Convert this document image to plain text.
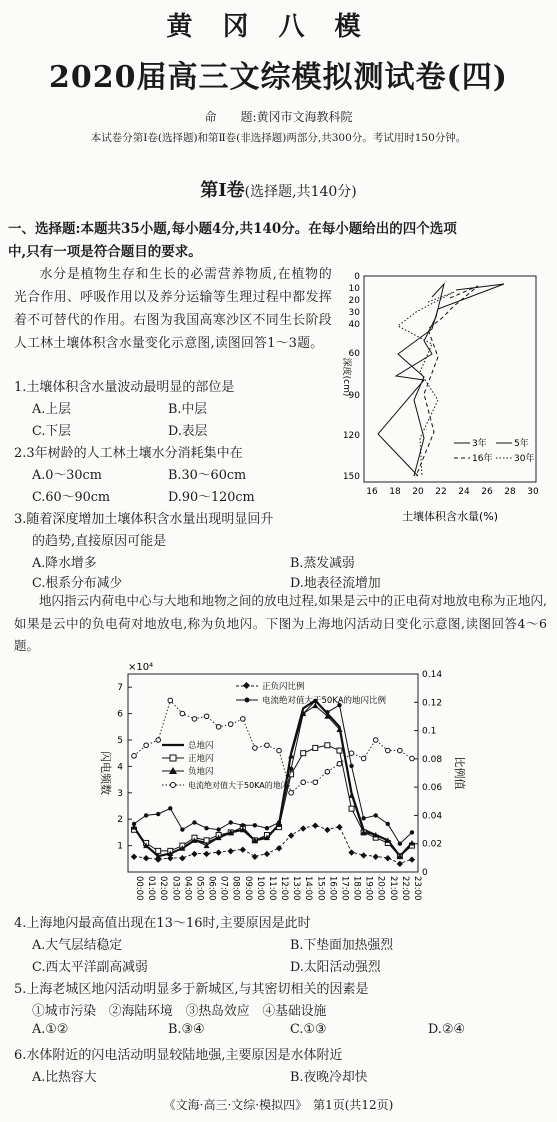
黄冈八模
2020届高三文综模拟测试卷(四)
命　　题:黄冈市文海教科院
本试卷分第Ⅰ卷(选择题)和第Ⅱ卷(非选择题)两部分,共300分。考试用时150分钟。
第Ⅰ卷(选择题,共140分)
一、选择题:本题共35小题,每小题4分,共140分。在每小题给出的四个选项
中,只有一项是符合题目的要求。
水分是植物生存和生长的必需营养物质,在植物的光合作用、呼吸作用以及养分运输等生理过程中都发挥着不可替代的作用。右图为我国高寒沙区不同生长阶段人工林土壤体积含水量变化示意图,读图回答1～3题。
1.土壤体积含水量波动最明显的部位是
A.上层	B.中层
C.下层	D.表层
2.3年树龄的人工林土壤水分消耗集中在
A.0～30cm	B.30～60cm
C.60～90cm	D.90～120cm
3.随着深度增加土壤体积含水量出现明显回升
的趋势,直接原因可能是
A.降水增多	B.蒸发减弱
C.根系分布减少	D.地表径流增加
16 18 20 22 24 26 28 30
0
10
20
30
40
60
90
120
150
深度(cm)
土壤体积含水量(%)
3年	5年
16年 30年
地闪指云内荷电中心与大地和地物之间的放电过程,如果是云中的正电荷对地放电称为正地闪,如果是云中的负电荷对地放电,称为负地闪。下图为上海地闪活动日变化示意图,读图回答4～6题。
×10⁴
闪电频数	比例值
1
2
3
4
5
6
7
0
0.02
0.04
0.06
0.08
0.1
0.12
0.14
00:00 01:00 02:00 03:00 04:00 05:00 06:00 07:00 08:00 09:00 10:00 11:00 12:00 13:00 14:00 15:00 16:00 17:00 18:00 19:00 20:00 21:00 22:00 23:00
正负闪比例
电流绝对值大于50KA的地闪比例
总地闪
正地闪
负地闪
电流绝对值大于50KA的地闪
4.上海地闪最高值出现在13～16时,主要原因是此时
A.大气层结稳定	B.下垫面加热强烈
C.西太平洋副高减弱	D.太阳活动强烈
5.上海老城区地闪活动明显多于新城区,与其密切相关的因素是
①城市污染　②海陆环境　③热岛效应　④基础设施
A.①②	B.③④	C.①③	D.②④
6.水体附近的闪电活动明显较陆地强,主要原因是水体附近
A.比热容大	B.夜晚冷却快
《文海·高三·文综·模拟四》　第1页(共12页)
